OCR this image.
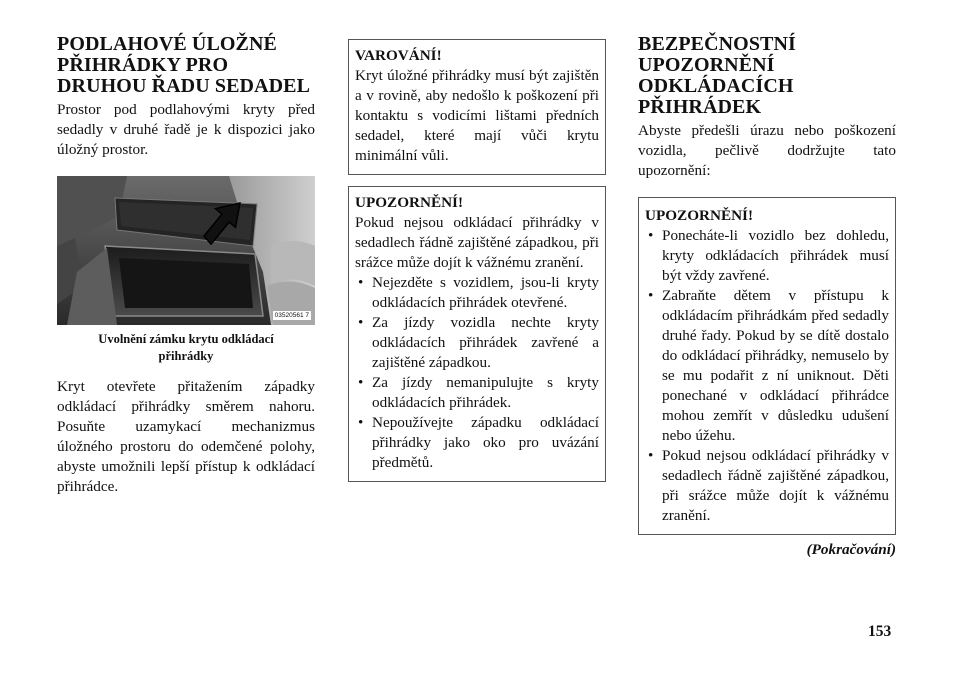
PODLAHOVÉ ÚLOŽNÉ PŘIHRÁDKY PRO DRUHOU ŘADU SEDADEL

Prostor pod podlahovými kryty před sedadly v druhé řadě je k dispozici jako úložný prostor.

03520561 7
Uvolnění zámku krytu odkládací přihrádky

Kryt otevřete přitažením západky odkládací přihrádky směrem nahoru. Posuňte uzamykací mechanizmus úložného prostoru do odemčené polohy, abyste umožnili lepší přístup k odkládací přihrádce.

VAROVÁNÍ!

Kryt úložné přihrádky musí být zajištěn a v rovině, aby nedošlo k poškození při kontaktu s vodicími lištami předních sedadel, které mají vůči krytu minimální vůli.

UPOZORNĚNÍ!

Pokud nejsou odkládací přihrádky v sedadlech řádně zajištěné západkou, při srážce může dojít k vážnému zranění.

• Nejezděte s vozidlem, jsou-li kryty odkládacích přihrádek otevřené.
• Za jízdy vozidla nechte kryty odkládacích přihrádek zavřené a zajištěné západkou.
• Za jízdy nemanipulujte s kryty odkládacích přihrádek.
• Nepoužívejte západku odkládací přihrádky jako oko pro uvázání předmětů.
BEZPEČNOSTNÍ UPOZORNĚNÍ ODKLÁDACÍCH PŘIHRÁDEK

Abyste předešli úrazu nebo poškození vozidla, pečlivě dodržujte tato upozornění:

UPOZORNĚNÍ!
• Ponecháte-li vozidlo bez dohledu, kryty odkládacích přihrádek musí být vždy zavřené.
• Zabraňte dětem v přístupu k odkládacím přihrádkám před sedadly druhé řady. Pokud by se dítě dostalo do odkládací přihrádky, nemuselo by se mu podařit z ní uniknout. Děti ponechané v odkládací přihrádce mohou zemřít v důsledku udušení nebo úžehu.
• Pokud nejsou odkládací přihrádky v sedadlech řádně zajištěné západkou, při srážce může dojít k vážnému zranění.
(Pokračování)
153
